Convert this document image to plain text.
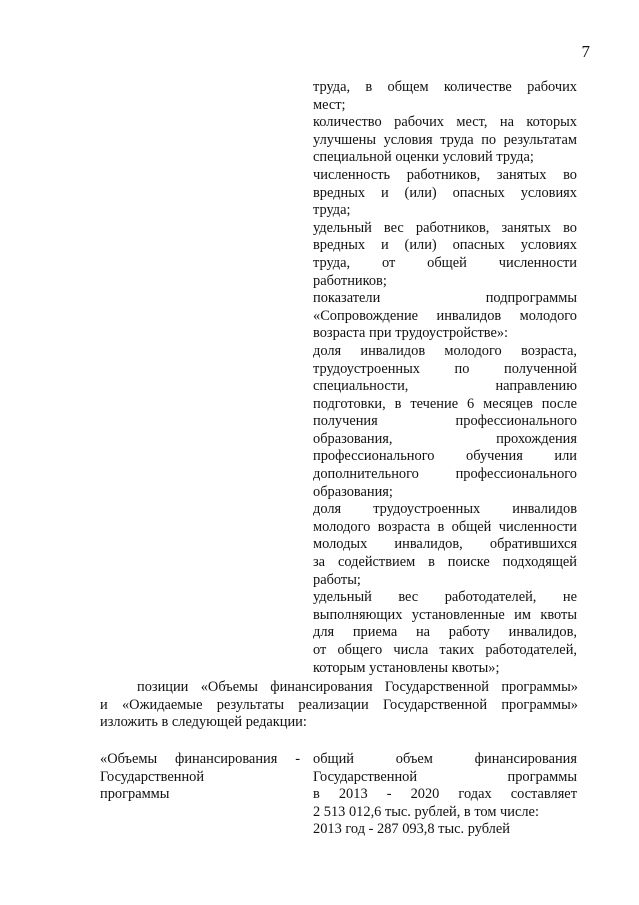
7
труда, в общем количестве рабочих
мест;
количество рабочих мест, на которых
улучшены условия труда по результатам
специальной оценки условий труда;
численность работников, занятых во
вредных и (или) опасных условиях
труда;
удельный вес работников, занятых во
вредных и (или) опасных условиях
труда, от общей численности
работников;
показатели подпрограммы
«Сопровождение инвалидов молодого
возраста при трудоустройстве»:
доля инвалидов молодого возраста,
трудоустроенных по полученной
специальности, направлению
подготовки, в течение 6 месяцев после
получения профессионального
образования, прохождения
профессионального обучения или
дополнительного профессионального
образования;
доля трудоустроенных инвалидов
молодого возраста в общей численности
молодых инвалидов, обратившихся
за содействием в поиске подходящей
работы;
удельный вес работодателей, не
выполняющих установленные им квоты
для приема на работу инвалидов,
от общего числа таких работодателей,
которым установлены квоты»;
позиции «Объемы финансирования Государственной программы»
и «Ожидаемые результаты реализации Государственной программы»
изложить в следующей редакции:
«Объемы финансирования -
Государственной
программы
общий объем финансирования
Государственной программы
в 2013 - 2020 годах составляет
2 513 012,6 тыс. рублей, в том числе:
2013 год - 287 093,8 тыс. рублей
